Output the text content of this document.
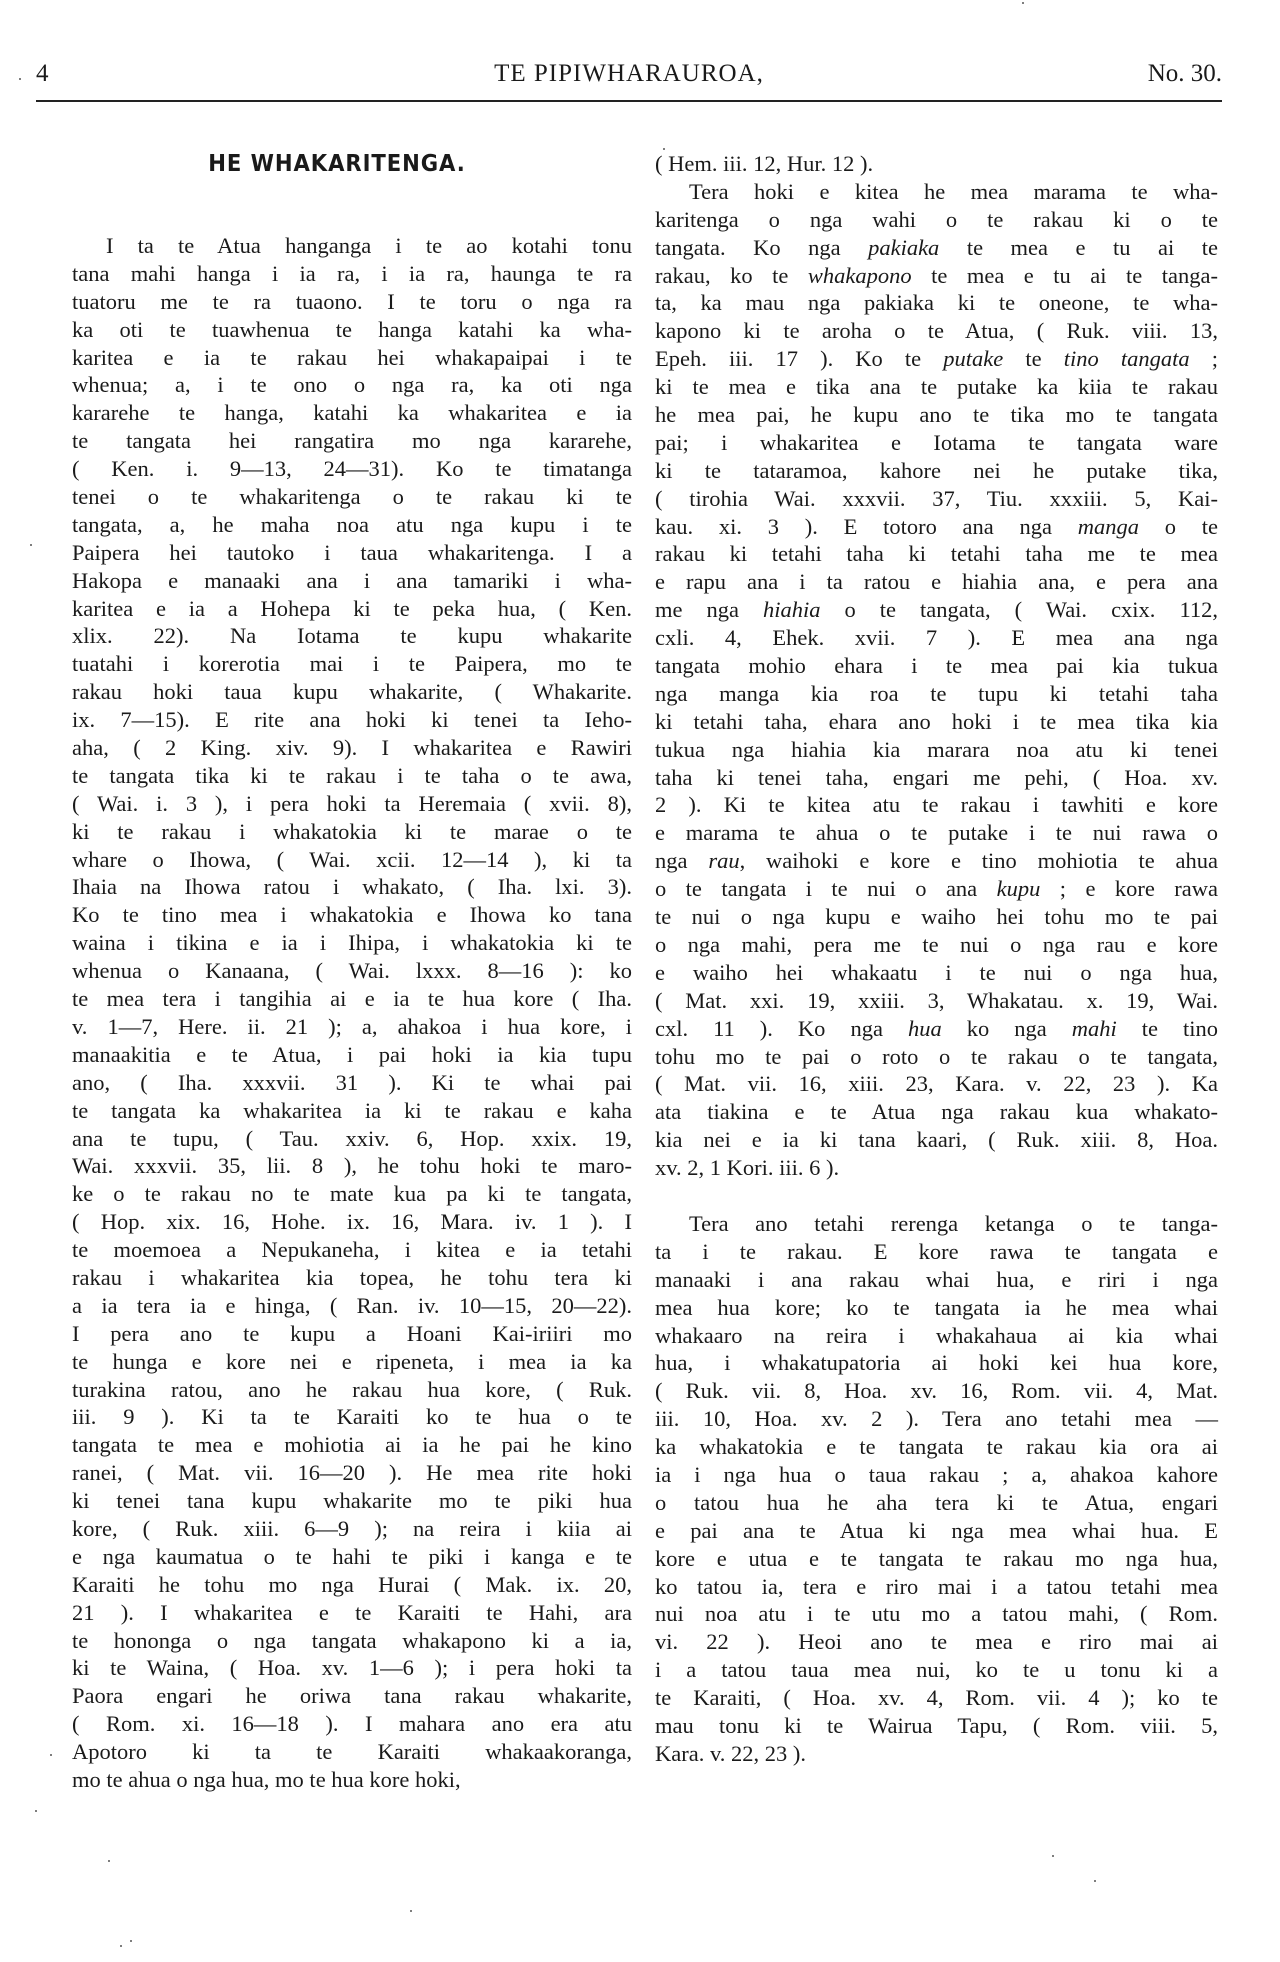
4	TE PIPIWHARAUROA,	No. 30.
HE WHAKARITENGA.
I ta te Atua hanganga i te ao kotahi tonu
tana mahi hanga i ia ra, i ia ra, haunga te ra
tuatoru me te ra tuaono. I te toru o nga ra
ka oti te tuawhenua te hanga katahi ka wha-
karitea e ia te rakau hei whakapaipai i te
whenua; a, i te ono o nga ra, ka oti nga
kararehe te hanga, katahi ka whakaritea e ia
te tangata hei rangatira mo nga kararehe,
( Ken. i. 9—13, 24—31). Ko te timatanga
tenei o te whakaritenga o te rakau ki te
tangata, a, he maha noa atu nga kupu i te
Paipera hei tautoko i taua whakaritenga. I a
Hakopa e manaaki ana i ana tamariki i wha-
karitea e ia a Hohepa ki te peka hua, ( Ken.
xlix. 22). Na Iotama te kupu whakarite
tuatahi i korerotia mai i te Paipera, mo te
rakau hoki taua kupu whakarite, ( Whakarite.
ix. 7—15). E rite ana hoki ki tenei ta Ieho-
aha, ( 2 King. xiv. 9). I whakaritea e Rawiri
te tangata tika ki te rakau i te taha o te awa,
( Wai. i. 3 ), i pera hoki ta Heremaia ( xvii. 8),
ki te rakau i whakatokia ki te marae o te
whare o Ihowa, ( Wai. xcii. 12—14 ), ki ta
Ihaia na Ihowa ratou i whakato, ( Iha. lxi. 3).
Ko te tino mea i whakatokia e Ihowa ko tana
waina i tikina e ia i Ihipa, i whakatokia ki te
whenua o Kanaana, ( Wai. lxxx. 8—16 ): ko
te mea tera i tangihia ai e ia te hua kore ( Iha.
v. 1—7, Here. ii. 21 ); a, ahakoa i hua kore, i
manaakitia e te Atua, i pai hoki ia kia tupu
ano, ( Iha. xxxvii. 31 ). Ki te whai pai
te tangata ka whakaritea ia ki te rakau e kaha
ana te tupu, ( Tau. xxiv. 6, Hop. xxix. 19,
Wai. xxxvii. 35, lii. 8 ), he tohu hoki te maro-
ke o te rakau no te mate kua pa ki te tangata,
( Hop. xix. 16, Hohe. ix. 16, Mara. iv. 1 ). I
te moemoea a Nepukaneha, i kitea e ia tetahi
rakau i whakaritea kia topea, he tohu tera ki
a ia tera ia e hinga, ( Ran. iv. 10—15, 20—22).
I pera ano te kupu a Hoani Kai-iriiri mo
te hunga e kore nei e ripeneta, i mea ia ka
turakina ratou, ano he rakau hua kore, ( Ruk.
iii. 9 ). Ki ta te Karaiti ko te hua o te
tangata te mea e mohiotia ai ia he pai he kino
ranei, ( Mat. vii. 16—20 ). He mea rite hoki
ki tenei tana kupu whakarite mo te piki hua
kore, ( Ruk. xiii. 6—9 ); na reira i kiia ai
e nga kaumatua o te hahi te piki i kanga e te
Karaiti he tohu mo nga Hurai ( Mak. ix. 20,
21 ). I whakaritea e te Karaiti te Hahi, ara
te hononga o nga tangata whakapono ki a ia,
ki te Waina, ( Hoa. xv. 1—6 ); i pera hoki ta
Paora engari he oriwa tana rakau whakarite,
( Rom. xi. 16—18 ). I mahara ano era atu
Apotoro ki ta te Karaiti whakaakoranga,
mo te ahua o nga hua, mo te hua kore hoki,
( Hem. iii. 12, Hur. 12 ).
Tera hoki e kitea he mea marama te wha-
karitenga o nga wahi o te rakau ki o te
tangata. Ko nga pakiaka te mea e tu ai te
rakau, ko te whakapono te mea e tu ai te tanga-
ta, ka mau nga pakiaka ki te oneone, te wha-
kapono ki te aroha o te Atua, ( Ruk. viii. 13,
Epeh. iii. 17 ). Ko te putake te tino tangata ;
ki te mea e tika ana te putake ka kiia te rakau
he mea pai, he kupu ano te tika mo te tangata
pai; i whakaritea e Iotama te tangata ware
ki te tataramoa, kahore nei he putake tika,
( tirohia Wai. xxxvii. 37, Tiu. xxxiii. 5, Kai-
kau. xi. 3 ). E totoro ana nga manga o te
rakau ki tetahi taha ki tetahi taha me te mea
e rapu ana i ta ratou e hiahia ana, e pera ana
me nga hiahia o te tangata, ( Wai. cxix. 112,
cxli. 4, Ehek. xvii. 7 ). E mea ana nga
tangata mohio ehara i te mea pai kia tukua
nga manga kia roa te tupu ki tetahi taha
ki tetahi taha, ehara ano hoki i te mea tika kia
tukua nga hiahia kia marara noa atu ki tenei
taha ki tenei taha, engari me pehi, ( Hoa. xv.
2 ). Ki te kitea atu te rakau i tawhiti e kore
e marama te ahua o te putake i te nui rawa o
nga rau, waihoki e kore e tino mohiotia te ahua
o te tangata i te nui o ana kupu ; e kore rawa
te nui o nga kupu e waiho hei tohu mo te pai
o nga mahi, pera me te nui o nga rau e kore
e waiho hei whakaatu i te nui o nga hua,
( Mat. xxi. 19, xxiii. 3, Whakatau. x. 19, Wai.
cxl. 11 ). Ko nga hua ko nga mahi te tino
tohu mo te pai o roto o te rakau o te tangata,
( Mat. vii. 16, xiii. 23, Kara. v. 22, 23 ). Ka
ata tiakina e te Atua nga rakau kua whakato-
kia nei e ia ki tana kaari, ( Ruk. xiii. 8, Hoa.
xv. 2, 1 Kori. iii. 6 ).
Tera ano tetahi rerenga ketanga o te tanga-
ta i te rakau. E kore rawa te tangata e
manaaki i ana rakau whai hua, e riri i nga
mea hua kore; ko te tangata ia he mea whai
whakaaro na reira i whakahaua ai kia whai
hua, i whakatupatoria ai hoki kei hua kore,
( Ruk. vii. 8, Hoa. xv. 16, Rom. vii. 4, Mat.
iii. 10, Hoa. xv. 2 ). Tera ano tetahi mea —
ka whakatokia e te tangata te rakau kia ora ai
ia i nga hua o taua rakau ; a, ahakoa kahore
o tatou hua he aha tera ki te Atua, engari
e pai ana te Atua ki nga mea whai hua. E
kore e utua e te tangata te rakau mo nga hua,
ko tatou ia, tera e riro mai i a tatou tetahi mea
nui noa atu i te utu mo a tatou mahi, ( Rom.
vi. 22 ). Heoi ano te mea e riro mai ai
i a tatou taua mea nui, ko te u tonu ki a
te Karaiti, ( Hoa. xv. 4, Rom. vii. 4 ); ko te
mau tonu ki te Wairua Tapu, ( Rom. viii. 5,
Kara. v. 22, 23 ).
